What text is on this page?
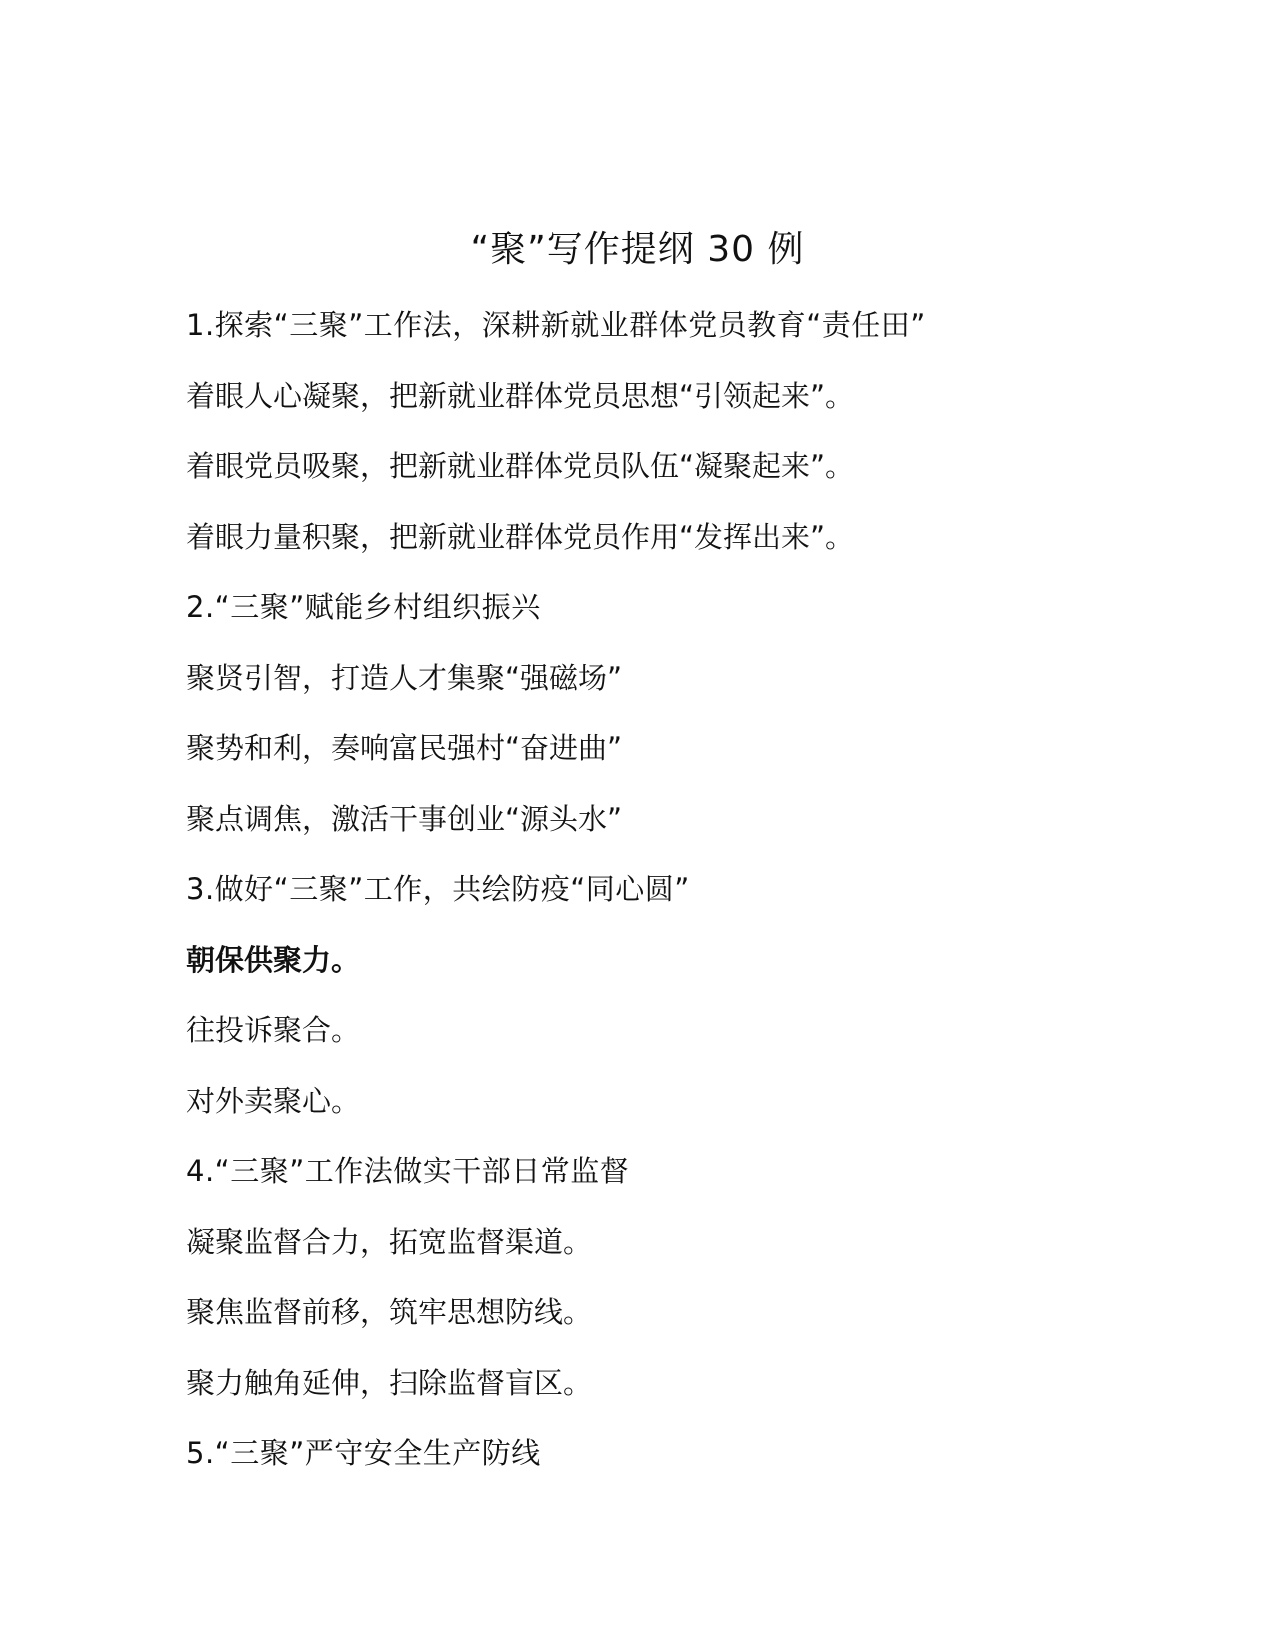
“聚”写作提纲 30 例
1.探索“三聚”工作法，深耕新就业群体党员教育“责任田”
着眼人心凝聚，把新就业群体党员思想“引领起来”。
着眼党员吸聚，把新就业群体党员队伍“凝聚起来”。
着眼力量积聚，把新就业群体党员作用“发挥出来”。
2.“三聚”赋能乡村组织振兴
聚贤引智，打造人才集聚“强磁场”
聚势和利，奏响富民强村“奋进曲”
聚点调焦，激活干事创业“源头水”
3.做好“三聚”工作，共绘防疫“同心圆”
朝保供聚力。
往投诉聚合。
对外卖聚心。
4.“三聚”工作法做实干部日常监督
凝聚监督合力，拓宽监督渠道。
聚焦监督前移，筑牢思想防线。
聚力触角延伸，扫除监督盲区。
5.“三聚”严守安全生产防线
